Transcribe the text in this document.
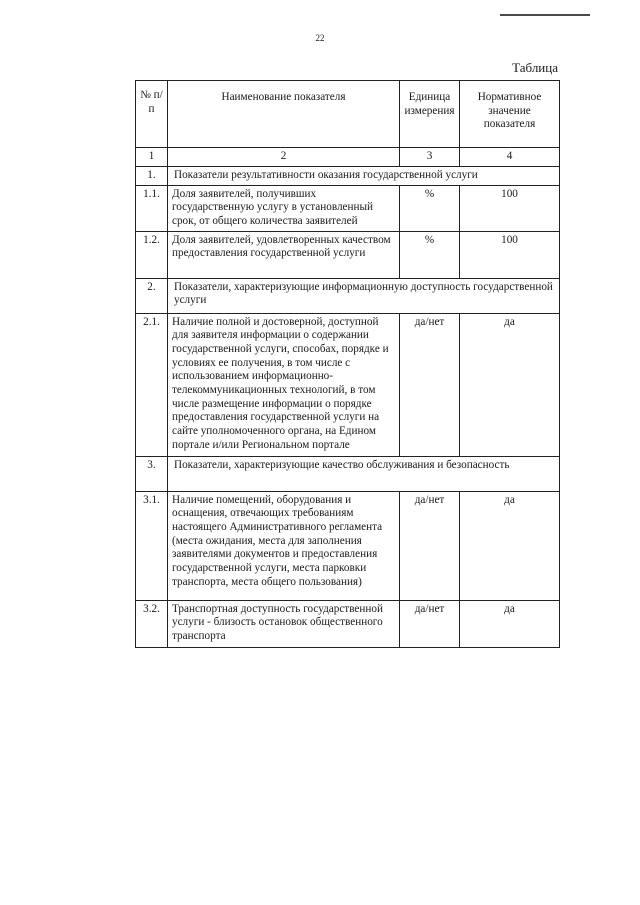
22
Таблица
№ п/п	Наименование показателя	Единица измерения	Нормативное значение показателя
1	2	3	4
1.	Показатели результативности оказания государственной услуги		
1.1.	Доля заявителей, получивших государственную услугу в установленный срок, от общего количества заявителей	%	100
1.2.	Доля заявителей, удовлетворенных качеством предоставления государственной услуги	%	100
2.	Показатели, характеризующие информационную доступность государственной услуги		
2.1.	Наличие полной и достоверной, доступной для заявителя информации о содержании государственной услуги, способах, порядке и условиях ее получения, в том числе с использованием информационно-телекоммуникационных технологий, в том числе размещение информации о порядке предоставления государственной услуги на сайте уполномоченного органа, на Едином портале и/или Региональном портале	да/нет	да
3.	Показатели, характеризующие качество обслуживания и безопасность		
3.1.	Наличие помещений, оборудования и оснащения, отвечающих требованиям настоящего Административного регламента (места ожидания, места для заполнения заявителями документов и предоставления государственной услуги, места парковки транспорта, места общего пользования)	да/нет	да
3.2.	Транспортная доступность государственной услуги - близость остановок общественного транспорта	да/нет	да
